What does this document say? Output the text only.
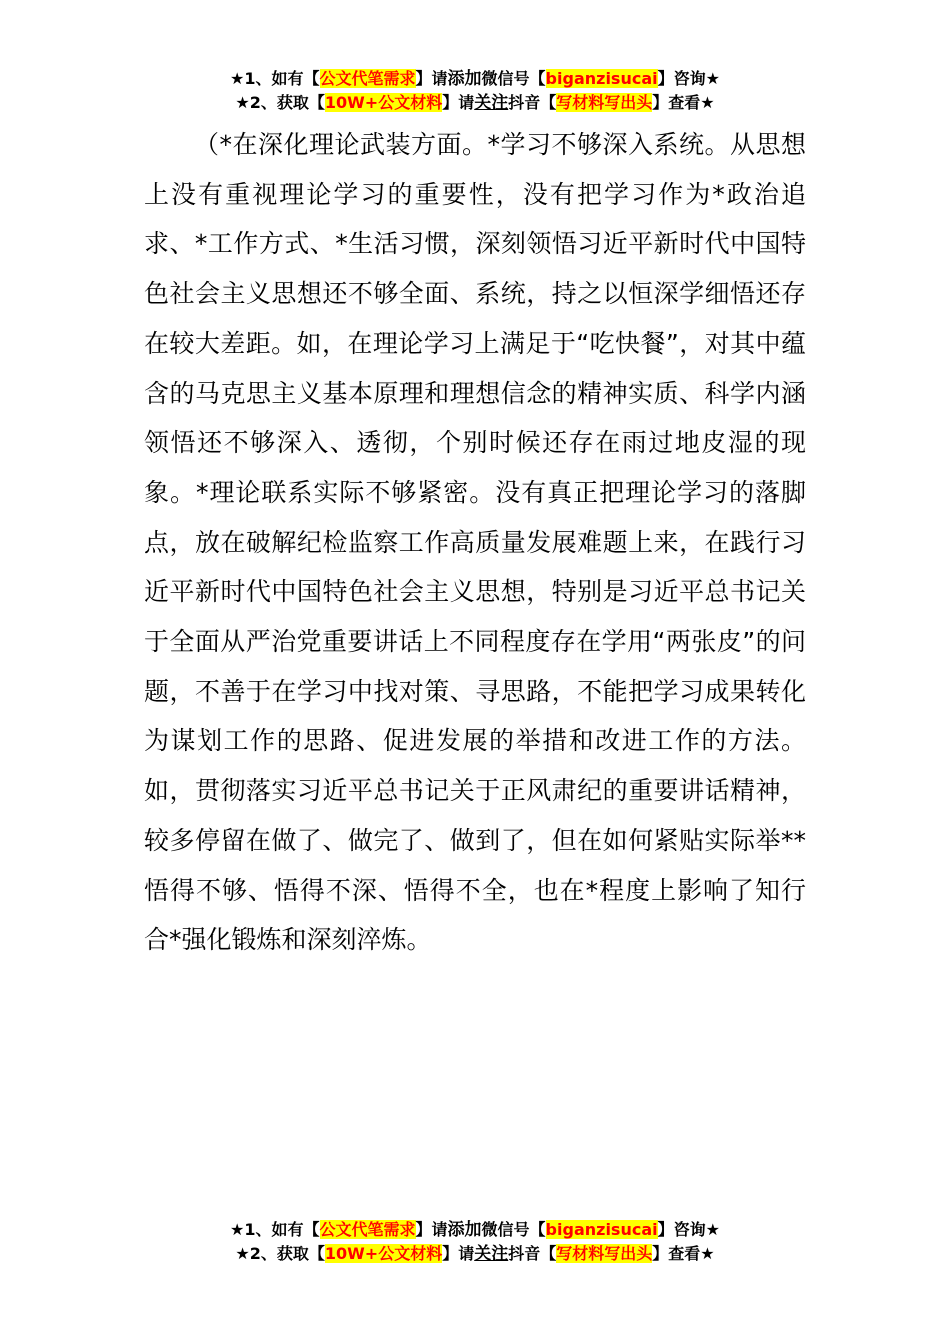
★1、如有【公文代笔需求】请添加微信号【biganzisucai】咨询★
★2、获取【10W+公文材料】请关注抖音【写材料写出头】查看★

（*在深化理论武装方面。*学习不够深入系统。从思想上没有重视理论学习的重要性，没有把学习作为*政治追求、*工作方式、*生活习惯，深刻领悟习近平新时代中国特色社会主义思想还不够全面、系统，持之以恒深学细悟还存在较大差距。如，在理论学习上满足于“吃快餐”，对其中蕴含的马克思主义基本原理和理想信念的精神实质、科学内涵领悟还不够深入、透彻，个别时候还存在雨过地皮湿的现象。*理论联系实际不够紧密。没有真正把理论学习的落脚点，放在破解纪检监察工作高质量发展难题上来，在践行习近平新时代中国特色社会主义思想，特别是习近平总书记关于全面从严治党重要讲话上不同程度存在学用“两张皮”的问题，不善于在学习中找对策、寻思路，不能把学习成果转化为谋划工作的思路、促进发展的举措和改进工作的方法。如，贯彻落实习近平总书记关于正风肃纪的重要讲话精神，较多停留在做了、做完了、做到了，但在如何紧贴实际举**悟得不够、悟得不深、悟得不全，也在*程度上影响了知行合*强化锻炼和深刻淬炼。

★1、如有【公文代笔需求】请添加微信号【biganzisucai】咨询★
★2、获取【10W+公文材料】请关注抖音【写材料写出头】查看★
